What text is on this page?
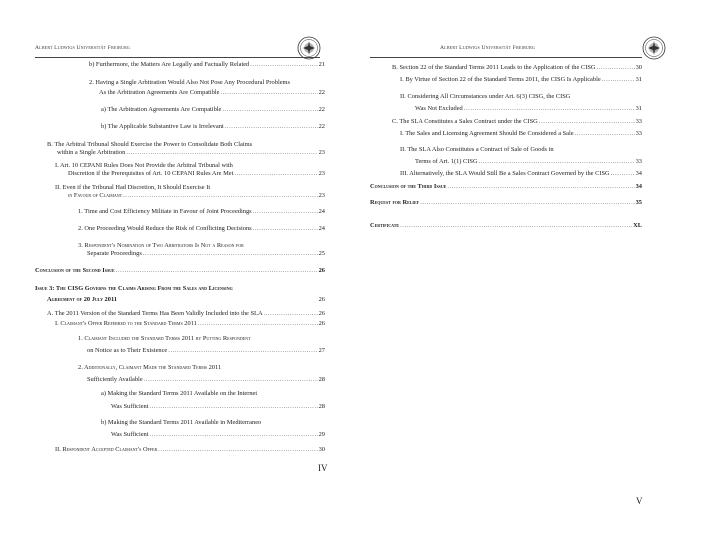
Albert Ludwigs Universität Freiburg
b) Furthermore, the Matters Are Legally and Factually Related .....	21
2. Having a Single Arbitration Would Also Not Pose Any Procedural Problems
As the Arbitration Agreements Are Compatible .....	22
a) The Arbitration Agreements Are Compatible .....	22
b) The Applicable Substantive Law is Irrelevant .....	22
B. The Arbitral Tribunal Should Exercise the Power to Consolidate Both Claims
within a Single Arbitration .....	23
I. Art. 10 CEPANI Rules Does Not Provide the Arbitral Tribunal with
Discretion if the Prerequisites of Art. 10 CEPANI Rules Are Met .....	23
II. Even if the Tribunal Had Discretion, It Should Exercise It
in Favour of Claimant .....	23
1. Time and Cost Efficiency Militate in Favour of Joint Proceedings .....	24
2. One Proceeding Would Reduce the Risk of Conflicting Decisions .....	24
3. Respondent's Nomination of Two Arbitrators Is Not a Reason for
Separate Proceedings .....	25
Conclusion of the Second Issue .....	26
Issue 3: The CISG Governs the Claims Arising From the Sales and Licensing
Agreement of 20 July 2011	26
A. The 2011 Version of the Standard Terms Has Been Validly Included into the SLA .....	26
I. Claimant's Offer Referred to the Standard Terms 2011 .....	26
1. Claimant Included the Standard Terms 2011 by Putting Respondent
on Notice as to Their Existence .....	27
2. Additionally, Claimant Made the Standard Terms 2011
Sufficiently Available .....	28
a) Making the Standard Terms 2011 Available on the Internet
Was Sufficient .....	28
b) Making the Standard Terms 2011 Available in Mediterraneo
Was Sufficient .....	29
II. Respondent Accepted Claimant's Offer .....	30
IV
Albert Ludwigs Universität Freiburg
B. Section 22 of the Standard Terms 2011 Leads to the Application of the CISG .....	30
I. By Virtue of Section 22 of the Standard Terms 2011, the CISG Is Applicable .....	31
II. Considering All Circumstances under Art. 6(3) CISG, the CISG
Was Not Excluded .....	31
C. The SLA Constitutes a Sales Contract under the CISG .....	33
I. The Sales and Licensing Agreement Should Be Considered a Sale .....	33
II. The SLA Also Constitutes a Contract of Sale of Goods in
Terms of Art. 1(1) CISG .....	33
III. Alternatively, the SLA Would Still Be a Sales Contract Governed by the CISG .....	34
Conclusion of the Third Issue .....	34
Request for Relief .....	35
Certificate .....	XL
V
